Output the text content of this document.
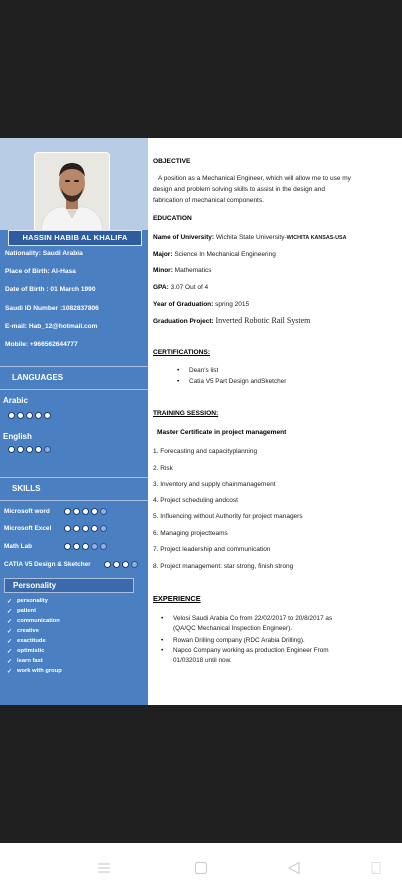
HASSIN HABIB AL KHALIFA
Nationality: Saudi Arabia
Place of Birth: Al-Hasa
Date of Birth : 01 March 1990
Saudi ID Number :1082837806
E-mail: Hab_12@hotmail.com
Mobile: +966562644777
LANGUAGES
Arabic
English
SKILLS
Microsoft word
Microsoft Excel
Math Lab
CATIA V5 Design & Sketcher
Personality
✓ personality
✓ patient
✓ communication
✓ creative
✓ exactitude
✓ optimistic
✓ learn fast
✓ work with group
OBJECTIVE
A position as a Mechanical Engineer, which will allow me to use my
design and problem solving skills to assist in the design and
fabrication of mechanical components.
EDUCATION
Name of University: Wichita State University-WICHITA KANSAS-USA
Major: Science In Mechanical Engineering
Minor: Mathematics
GPA: 3.07 Out of 4
Year of Graduation: spring 2015
Graduation Project: Inverted Robotic Rail System
CERTIFICATIONS:
• Dean's list
• Catia V5 Part Design andSketcher
TRAINING SESSION:
Master Certificate in project management
1. Forecasting and capacityplanning
2. Risk
3. Inventory and supply chainmanagement
4. Project scheduling andcost
5. Influencing without Authority for project managers
6. Managing projectteams
7. Project leadership and communication
8. Project management: star strong, finish strong
EXPERIENCE
• Velosi Saudi Arabia Co from 22/02/2017 to 20/8/2017 as
(QA/QC Mechanical Inspection Engineer).
• Rowan Drilling company (RDC Arabia Drilling).
• Napco Company working as production Engineer From
01/032018 until now.
